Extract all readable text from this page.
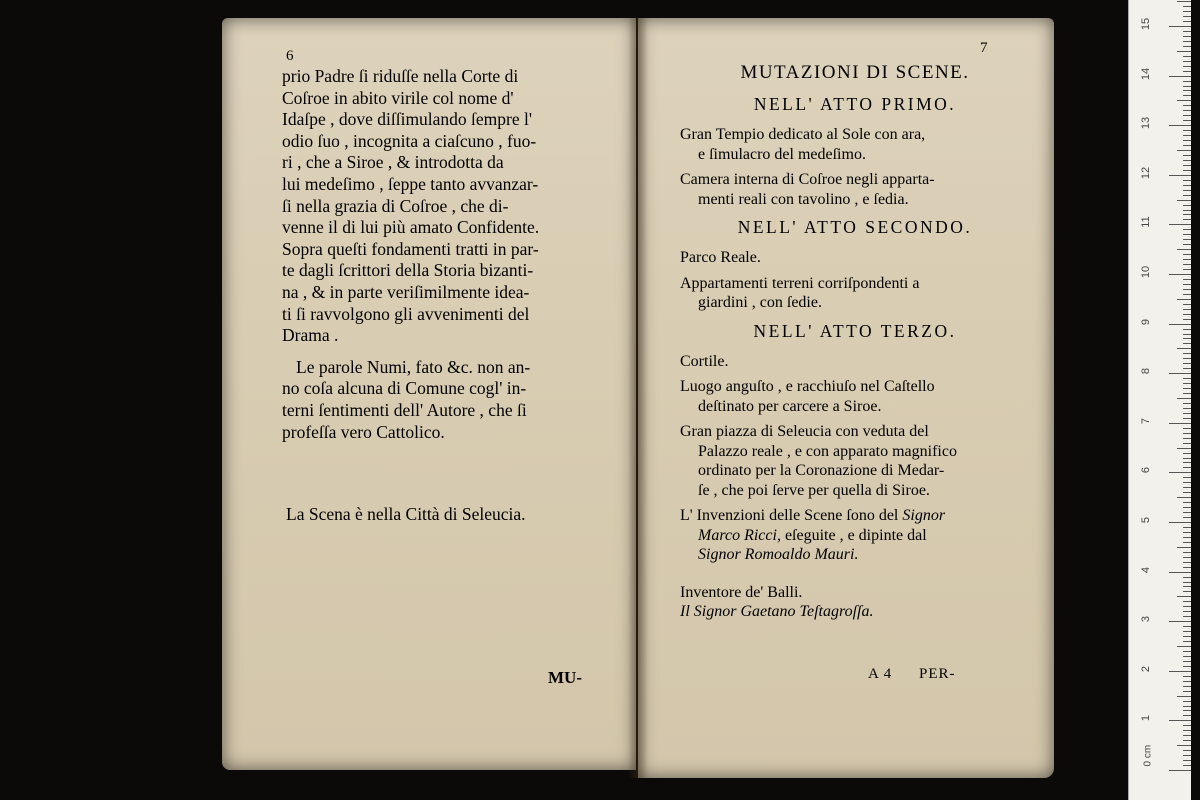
6
prio Padre ſi riduſſe nella Corte di
Coſroe in abito virile col nome d'
Idaſpe , dove diſſimulando ſempre l'
odio ſuo , incognita a ciaſcuno , fuo-
ri , che a Siroe , & introdotta da
lui medeſimo , ſeppe tanto avvanzar-
ſi nella grazia di Coſroe , che di-
venne il di lui più amato Confidente.
Sopra queſti fondamenti tratti in par-
te dagli ſcrittori della Storia bizanti-
na , & in parte veriſimilmente idea-
ti ſi ravvolgono gli avvenimenti del
Drama .
Le parole Numi, fato &c. non an-
no coſa alcuna di Comune cogl' in-
terni ſentimenti dell' Autore , che ſi
profeſſa vero Cattolico.
La Scena è nella Città di Seleucia.
MU-
7
MUTAZIONI DI SCENE.
NELL' ATTO PRIMO.
Gran Tempio dedicato al Sole con ara,
e ſimulacro del medeſimo.
Camera interna di Coſroe negli apparta-
menti reali con tavolino , e ſedia.
NELL' ATTO SECONDO.
Parco Reale.
Appartamenti terreni corriſpondenti a
giardini , con ſedie.
NELL' ATTO TERZO.
Cortile.
Luogo anguſto , e racchiuſo nel Caſtello
deſtinato per carcere a Siroe.
Gran piazza di Seleucia con veduta del
Palazzo reale , e con apparato magnifico
ordinato per la Coronazione di Medar-
ſe , che poi ſerve per quella di Siroe.
L' Invenzioni delle Scene ſono del Signor
Marco Ricci, eſeguite , e dipinte dal
Signor Romoaldo Mauri.
Inventore de' Balli.
Il Signor Gaetano Teſtagroſſa.
A 4 PER-
0 cm
1
2
3
4
5
6
7
8
9
10
11
12
13
14
15
